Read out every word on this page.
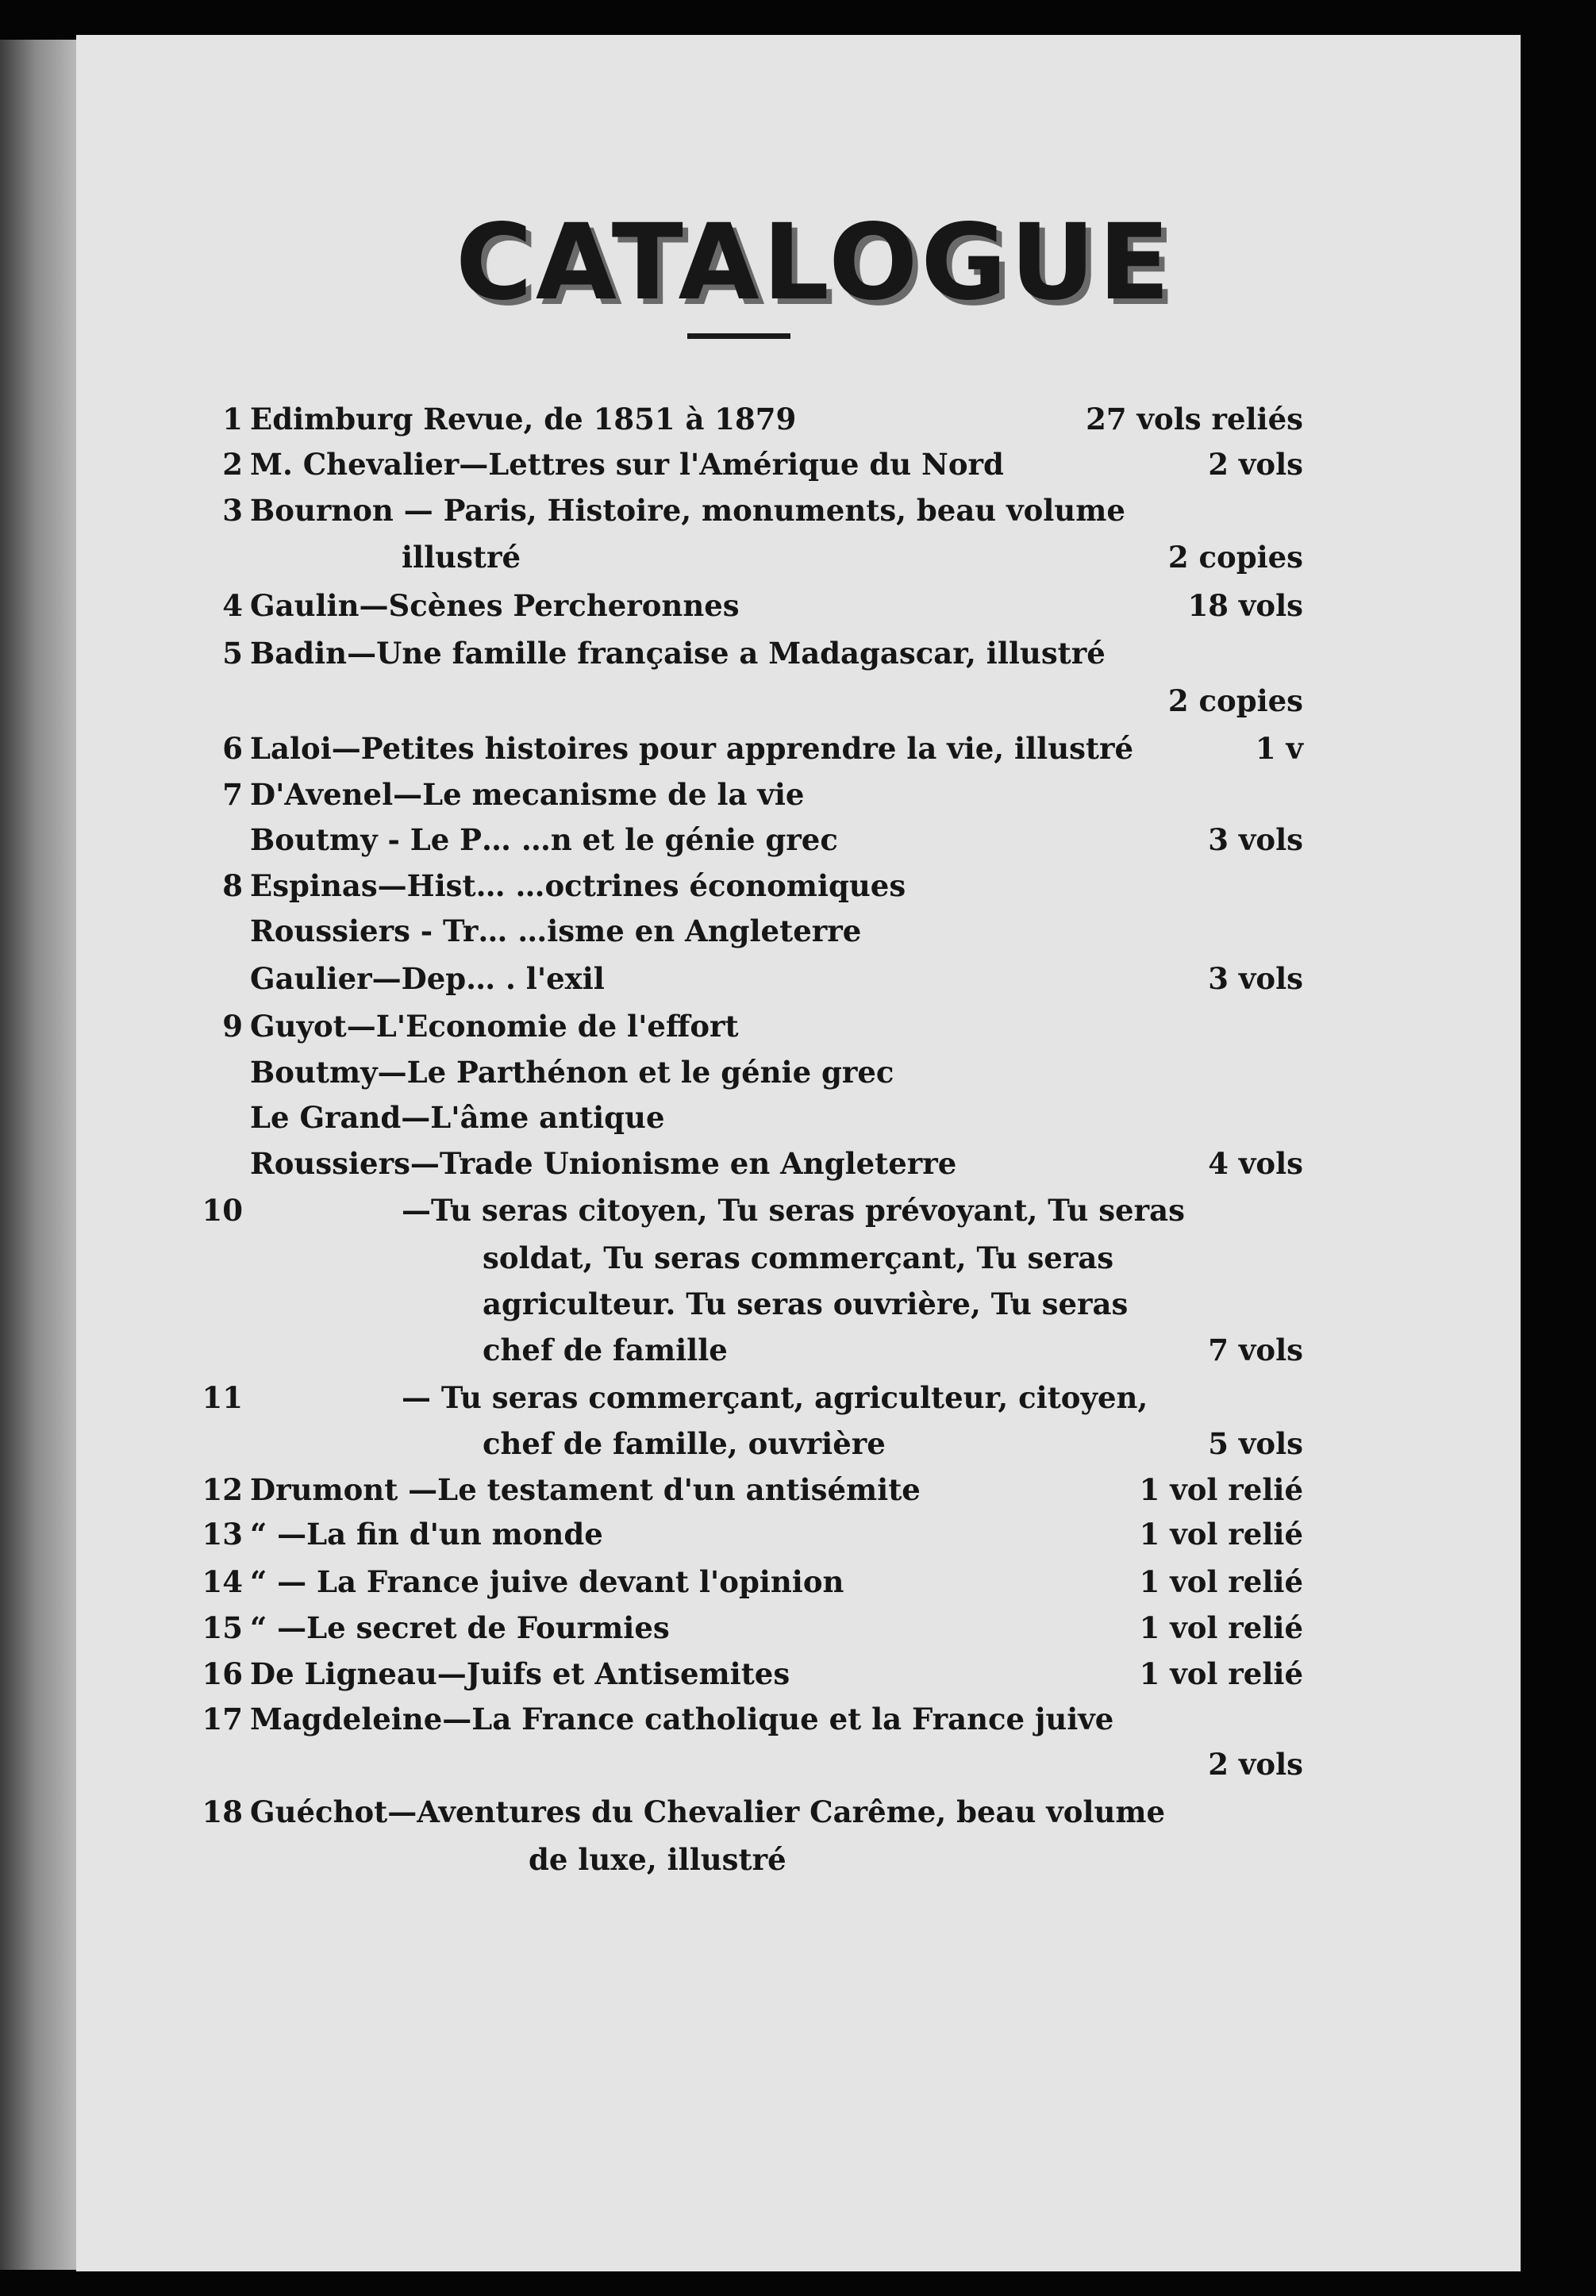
CATALOGUE
1 Edimburg Revue, de 1851 à 1879	27 vols reliés
2 M. Chevalier—Lettres sur l'Amérique du Nord	2 vols
3 Bournon — Paris, Histoire, monuments, beau volume
illustré	2 copies
4 Gaulin—Scènes Percheronnes	18 vols
5 Badin—Une famille française a Madagascar, illustré
2 copies
6 Laloi—Petites histoires pour apprendre la vie, illustré	1 v
7 D'Avenel—Le mecanisme de la vie
Boutmy - Le P… …n et le génie grec	3 vols
8 Espinas—Hist… …octrines économiques
Roussiers - Tr… …isme en Angleterre
Gaulier—Dep… . l'exil	3 vols
9 Guyot—L'Economie de l'effort
Boutmy—Le Parthénon et le génie grec
Le Grand—L'âme antique
Roussiers—Trade Unionisme en Angleterre	4 vols
10	—Tu seras citoyen, Tu seras prévoyant, Tu seras
soldat, Tu seras commerçant, Tu seras
agriculteur. Tu seras ouvrière, Tu seras
chef de famille	7 vols
11	— Tu seras commerçant, agriculteur, citoyen,
chef de famille, ouvrière	5 vols
12 Drumont —Le testament d'un antisémite	1 vol relié
13 “ —La fin d'un monde	1 vol relié
14 “ — La France juive devant l'opinion	1 vol relié
15 “ —Le secret de Fourmies	1 vol relié
16 De Ligneau—Juifs et Antisemites	1 vol relié
17 Magdeleine—La France catholique et la France juive
2 vols
18 Guéchot—Aventures du Chevalier Carême, beau volume
de luxe, illustré
